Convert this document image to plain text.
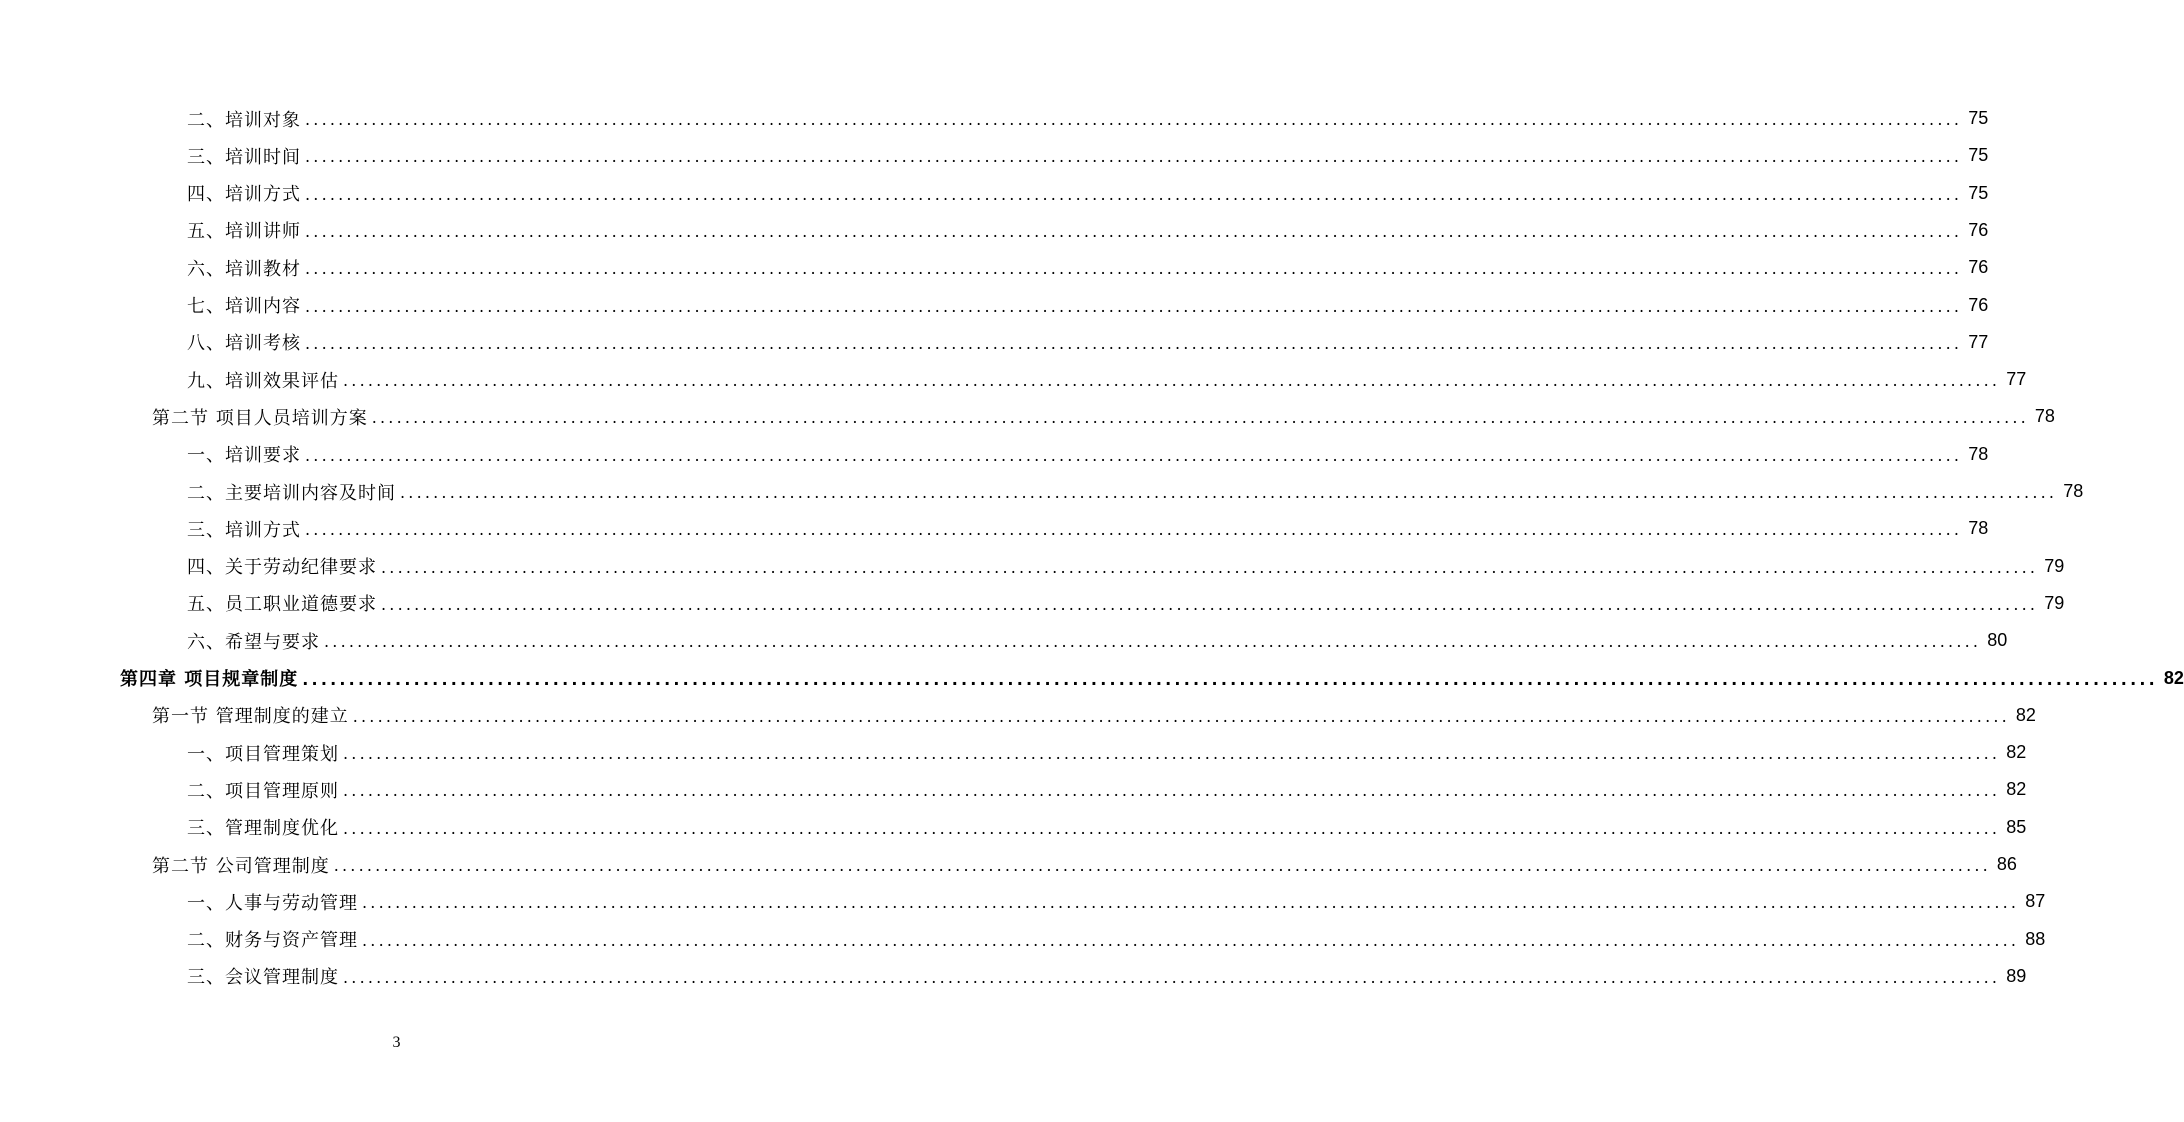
二、培训对象 ........................................................................................................................................................................................................ 75
三、培训时间 ........................................................................................................................................................................................................ 75
四、培训方式 ........................................................................................................................................................................................................ 75
五、培训讲师 ........................................................................................................................................................................................................ 76
六、培训教材 ........................................................................................................................................................................................................ 76
七、培训内容 ........................................................................................................................................................................................................ 76
八、培训考核 ........................................................................................................................................................................................................ 77
九、培训效果评估 ........................................................................................................................................................................................................ 77
第二节 项目人员培训方案 ........................................................................................................................................................................................................ 78
一、培训要求 ........................................................................................................................................................................................................ 78
二、主要培训内容及时间 ........................................................................................................................................................................................................ 78
三、培训方式 ........................................................................................................................................................................................................ 78
四、关于劳动纪律要求 ........................................................................................................................................................................................................ 79
五、员工职业道德要求 ........................................................................................................................................................................................................ 79
六、希望与要求 ........................................................................................................................................................................................................ 80
第四章 项目规章制度 ........................................................................................................................................................................................................ 82
第一节 管理制度的建立 ........................................................................................................................................................................................................ 82
一、项目管理策划 ........................................................................................................................................................................................................ 82
二、项目管理原则 ........................................................................................................................................................................................................ 82
三、管理制度优化 ........................................................................................................................................................................................................ 85
第二节 公司管理制度 ........................................................................................................................................................................................................ 86
一、人事与劳动管理 ........................................................................................................................................................................................................ 87
二、财务与资产管理 ........................................................................................................................................................................................................ 88
三、会议管理制度 ........................................................................................................................................................................................................ 89
3
